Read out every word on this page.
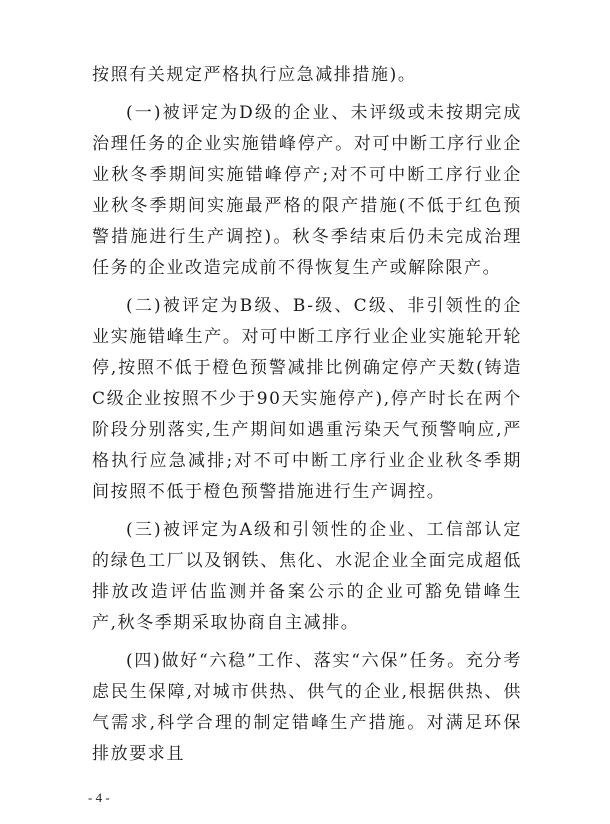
按照有关规定严格执行应急减排措施)。

(一)被评定为D级的企业、未评级或未按期完成治理任务的企业实施错峰停产。对可中断工序行业企业秋冬季期间实施错峰停产;对不可中断工序行业企业秋冬季期间实施最严格的限产措施(不低于红色预警措施进行生产调控)。秋冬季结束后仍未完成治理任务的企业改造完成前不得恢复生产或解除限产。

(二)被评定为B级、B-级、C级、非引领性的企业实施错峰生产。对可中断工序行业企业实施轮开轮停,按照不低于橙色预警减排比例确定停产天数(铸造C级企业按照不少于90天实施停产),停产时长在两个阶段分别落实,生产期间如遇重污染天气预警响应,严格执行应急减排;对不可中断工序行业企业秋冬季期间按照不低于橙色预警措施进行生产调控。

(三)被评定为A级和引领性的企业、工信部认定的绿色工厂以及钢铁、焦化、水泥企业全面完成超低排放改造评估监测并备案公示的企业可豁免错峰生产,秋冬季期采取协商自主减排。

(四)做好“六稳”工作、落实“六保”任务。充分考虑民生保障,对城市供热、供气的企业,根据供热、供气需求,科学合理的制定错峰生产措施。对满足环保排放要求且

- 4 -
